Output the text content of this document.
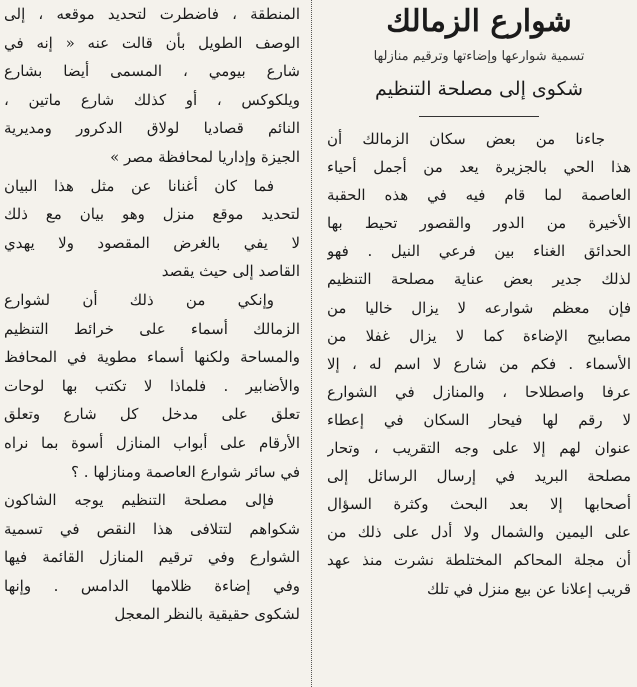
شوارع الزمالك
تسمية شوارعها وإضاءتها وترقيم منازلها
شكوى إلى مصلحة التنظيم
جاءنا من بعض سكان الزمالك أن
هذا الحي بالجزيرة يعد من أجمل أحياء
العاصمة لما قام فيه في هذه الحقبة
الأخيرة من الدور والقصور تحيط بها
الحدائق الغناء بين فرعي النيل . فهو
لذلك جدير بعض عناية مصلحة التنظيم
فإن معظم شوارعه لا يزال خاليا من
مصابيح الإضاءة كما لا يزال غفلا من
الأسماء . فكم من شارع لا اسم له ، إلا
عرفا واصطلاحا ، والمنازل في الشوارع
لا رقم لها فيحار السكان في إعطاء
عنوان لهم إلا على وجه التقريب ، وتحار
مصلحة البريد في إرسال الرسائل إلى
أصحابها إلا بعد البحث وكثرة السؤال
على اليمين والشمال ولا أدل على ذلك من
أن مجلة المحاكم المختلطة نشرت منذ عهد
قريب إعلانا عن بيع منزل في تلك
المنطقة ، فاضطرت لتحديد موقعه ، إلى
الوصف الطويل بأن قالت عنه « إنه في
شارع بيومي ، المسمى أيضا بشارع
ويلكوكس ، أو كذلك شارع ماتين ،
النائم قصاديا لولاق الدكرور ومديرية
الجيزة وإداريا لمحافظة مصر »
فما كان أغنانا عن مثل هذا البيان
لتحديد موقع منزل وهو بيان مع ذلك
لا يفي بالغرض المقصود ولا يهدي
القاصد إلى حيث يقصد
وإنكي من ذلك أن لشوارع
الزمالك أسماء على خرائط التنظيم
والمساحة ولكنها أسماء مطوية في المحافظ
والأضابير . فلماذا لا تكتب بها لوحات
تعلق على مدخل كل شارع وتعلق
الأرقام على أبواب المنازل أسوة بما نراه
في سائر شوارع العاصمة ومنازلها . ؟
فإلى مصلحة التنظيم يوجه الشاكون
شكواهم لتتلافى هذا النقص في تسمية
الشوارع وفي ترقيم المنازل القائمة فيها
وفي إضاءة ظلامها الدامس . وإنها
لشكوى حقيقية بالنظر المعجل
